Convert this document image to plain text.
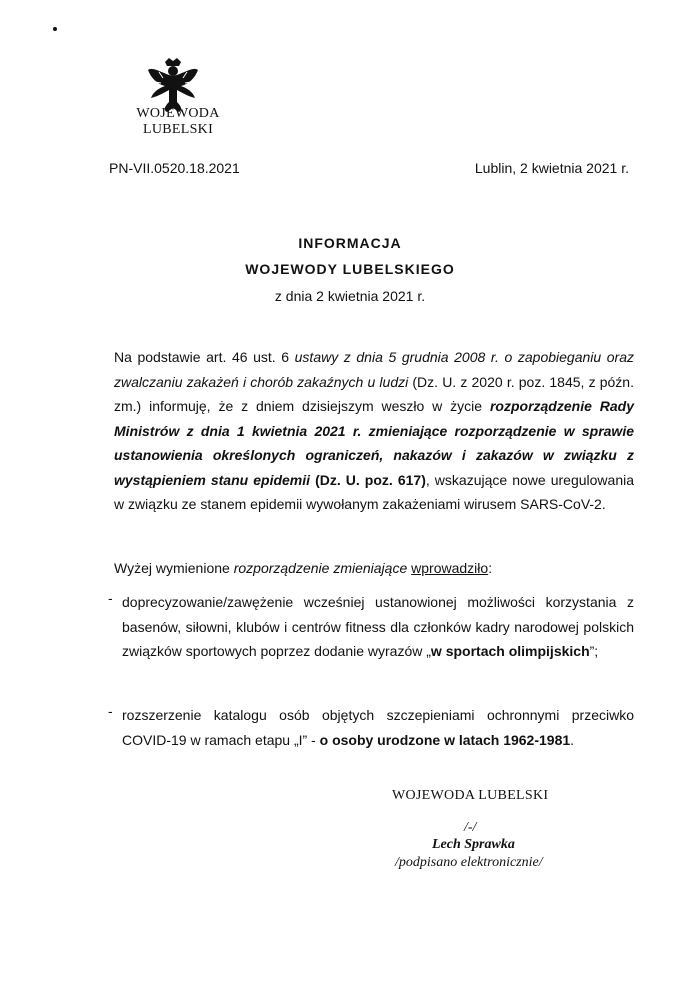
WOJEWODA LUBELSKI
PN-VII.0520.18.2021	Lublin, 2 kwietnia 2021 r.
INFORMACJA
WOJEWODY LUBELSKIEGO
z dnia 2 kwietnia 2021 r.
Na podstawie art. 46 ust. 6 ustawy z dnia 5 grudnia 2008 r. o zapobieganiu oraz zwalczaniu zakażeń i chorób zakaźnych u ludzi (Dz. U. z 2020 r. poz. 1845, z późn. zm.) informuję, że z dniem dzisiejszym weszło w życie rozporządzenie Rady Ministrów z dnia 1 kwietnia 2021 r. zmieniające rozporządzenie w sprawie ustanowienia określonych ograniczeń, nakazów i zakazów w związku z wystąpieniem stanu epidemii (Dz. U. poz. 617), wskazujące nowe uregulowania w związku ze stanem epidemii wywołanym zakażeniami wirusem SARS-CoV-2.
Wyżej wymienione rozporządzenie zmieniające wprowadziło:
- doprecyzowanie/zawężenie wcześniej ustanowionej możliwości korzystania z basenów, siłowni, klubów i centrów fitness dla członków kadry narodowej polskich związków sportowych poprzez dodanie wyrazów „w sportach olimpijskich”;
- rozszerzenie katalogu osób objętych szczepieniami ochronnymi przeciwko COVID-19 w ramach etapu „I” - o osoby urodzone w latach 1962-1981.
WOJEWODA LUBELSKI
/-/
Lech Sprawka
/podpisano elektronicznie/
